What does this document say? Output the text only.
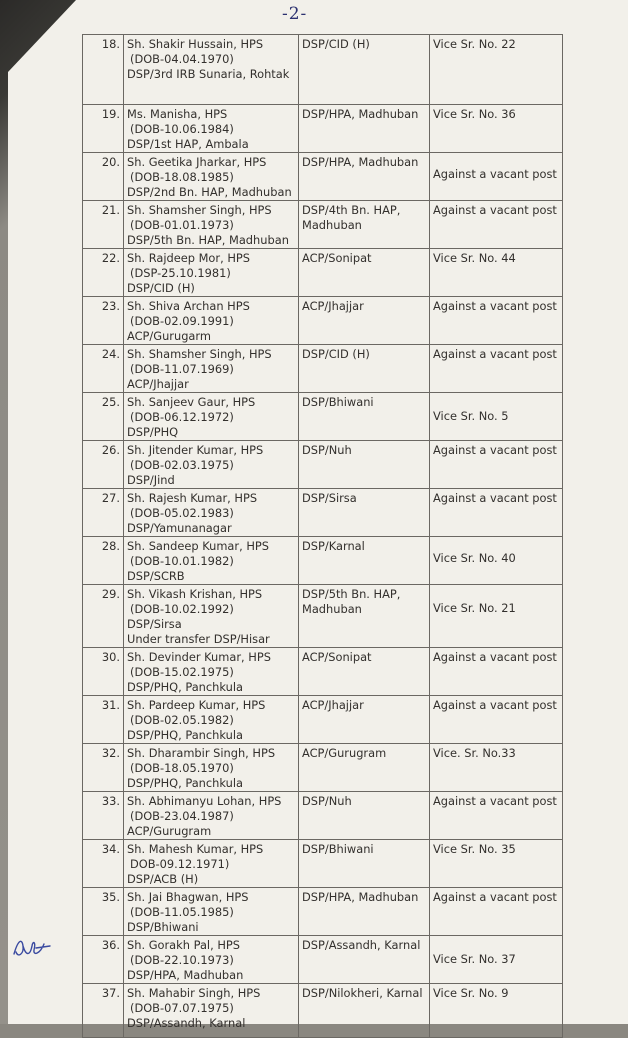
-2-
18.	Sh. Shakir Hussain, HPS
(DOB-04.04.1970)
DSP/3rd IRB Sunaria, Rohtak	DSP/CID (H)	Vice Sr. No. 22

19.	Ms. Manisha, HPS
(DOB-10.06.1984)
DSP/1st HAP, Ambala	DSP/HPA, Madhuban	Vice Sr. No. 36

20.	Sh. Geetika Jharkar, HPS
(DOB-18.08.1985)
DSP/2nd Bn. HAP, Madhuban	DSP/HPA, Madhuban	Against a vacant post

21.	Sh. Shamsher Singh, HPS
(DOB-01.01.1973)
DSP/5th Bn. HAP, Madhuban	DSP/4th Bn. HAP, Madhuban	Against a vacant post

22.	Sh. Rajdeep Mor, HPS
(DSP-25.10.1981)
DSP/CID (H)	ACP/Sonipat	Vice Sr. No. 44

23.	Sh. Shiva Archan HPS
(DOB-02.09.1991)
ACP/Gurugarm	ACP/Jhajjar	Against a vacant post

24.	Sh. Shamsher Singh, HPS
(DOB-11.07.1969)
ACP/Jhajjar	DSP/CID (H)	Against a vacant post

25.	Sh. Sanjeev Gaur, HPS
(DOB-06.12.1972)
DSP/PHQ	DSP/Bhiwani	Vice Sr. No. 5

26.	Sh. Jitender Kumar, HPS
(DOB-02.03.1975)
DSP/Jind	DSP/Nuh	Against a vacant post

27.	Sh. Rajesh Kumar, HPS
(DOB-05.02.1983)
DSP/Yamunanagar	DSP/Sirsa	Against a vacant post

28.	Sh. Sandeep Kumar, HPS
(DOB-10.01.1982)
DSP/SCRB	DSP/Karnal	Vice Sr. No. 40

29.	Sh. Vikash Krishan, HPS
(DOB-10.02.1992)
DSP/Sirsa
Under transfer DSP/Hisar	DSP/5th Bn. HAP, Madhuban	Vice Sr. No. 21

30.	Sh. Devinder Kumar, HPS
(DOB-15.02.1975)
DSP/PHQ, Panchkula	ACP/Sonipat	Against a vacant post

31.	Sh. Pardeep Kumar, HPS
(DOB-02.05.1982)
DSP/PHQ, Panchkula	ACP/Jhajjar	Against a vacant post

32.	Sh. Dharambir Singh, HPS
(DOB-18.05.1970)
DSP/PHQ, Panchkula	ACP/Gurugram	Vice. Sr. No.33

33.	Sh. Abhimanyu Lohan, HPS
(DOB-23.04.1987)
ACP/Gurugram	DSP/Nuh	Against a vacant post

34.	Sh. Mahesh Kumar, HPS
DOB-09.12.1971)
DSP/ACB (H)	DSP/Bhiwani	Vice Sr. No. 35

35.	Sh. Jai Bhagwan, HPS
(DOB-11.05.1985)
DSP/Bhiwani	DSP/HPA, Madhuban	Against a vacant post

36.	Sh. Gorakh Pal, HPS
(DOB-22.10.1973)
DSP/HPA, Madhuban	DSP/Assandh, Karnal	Vice Sr. No. 37

37.	Sh. Mahabir Singh, HPS
(DOB-07.07.1975)
DSP/Assandh, Karnal	DSP/Nilokheri, Karnal	Vice Sr. No. 9
